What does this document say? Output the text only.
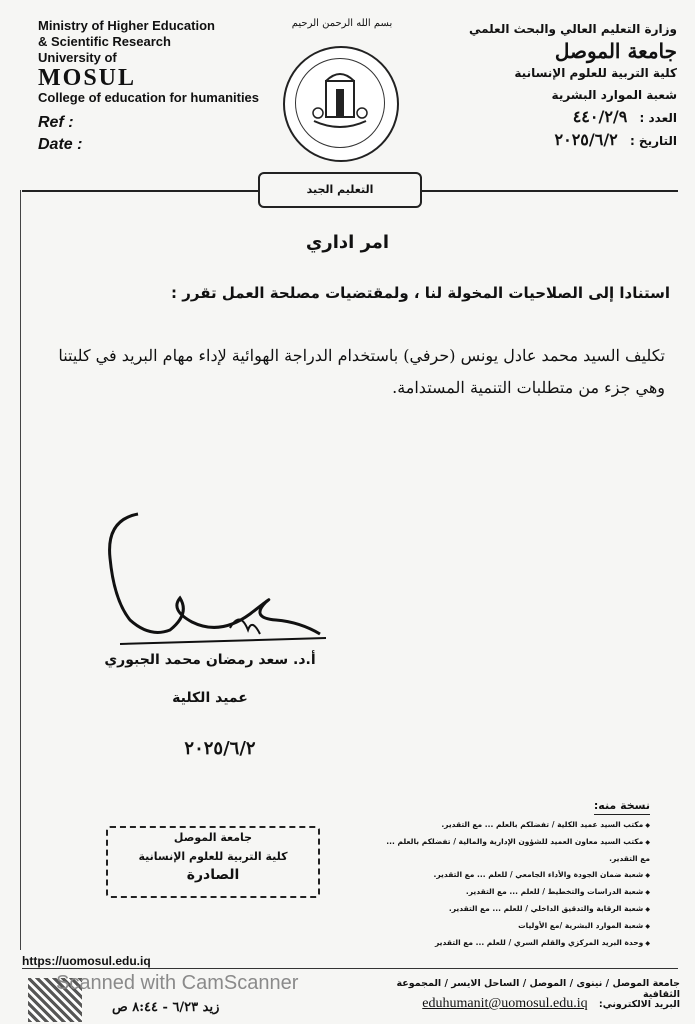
Ministry of Higher Education
& Scientific Research
University of
MOSUL
College of education for humanities
Ref :
Date :
بسم الله الرحمن الرحيم	وزارة التعليم العالي والبحث العلمي
جامعة الموصل
كلية التربية للعلوم الإنسانية
شعبة الموارد البشرية
العدد : ٤٤٠/٢/٩
التاريخ : ٢٠٢٥/٦/٢
التعليم الجيد
امر اداري
استنادا إلى الصلاحيات المخولة لنا ، ولمقتضيات مصلحة العمل تقرر :
تكليف السيد محمد عادل يونس (حرفي) باستخدام الدراجة الهوائية لإداء مهام البريد في كليتنا وهي جزء من متطلبات التنمية المستدامة.
أ.د. سعد رمضان محمد الجبوري
عميد الكلية
٢٠٢٥/٦/٢
جامعة الموصل
كلية التربية للعلوم الإنسانية
الصادرة
نسخة منه:
◆ مكتب السيد عميد الكلية / تفضلكم بالعلم ... مع التقدير.
◆ مكتب السيد معاون العميد للشؤون الإدارية والمالية / تفضلكم بالعلم ... مع التقدير.
◆ شعبة ضمان الجودة والأداء الجامعي / للعلم ... مع التقدير.
◆ شعبة الدراسات والتخطيط / للعلم ... مع التقدير.
◆ شعبة الرقابة والتدقيق الداخلي / للعلم ... مع التقدير.
◆ شعبة الموارد البشرية /مع الأوليات
◆ وحدة البريد المركزي والقلم السري / للعلم ... مع التقدير
https://uomosul.edu.iq
جامعة الموصل / نينوى / الموصل / الساحل الايسر / المجموعة الثقافية
البريد الالكتروني: eduhumanit@uomosul.edu.iq
Scanned with CamScanner
زيد ٦/٢٣ - ٨:٤٤ ص
